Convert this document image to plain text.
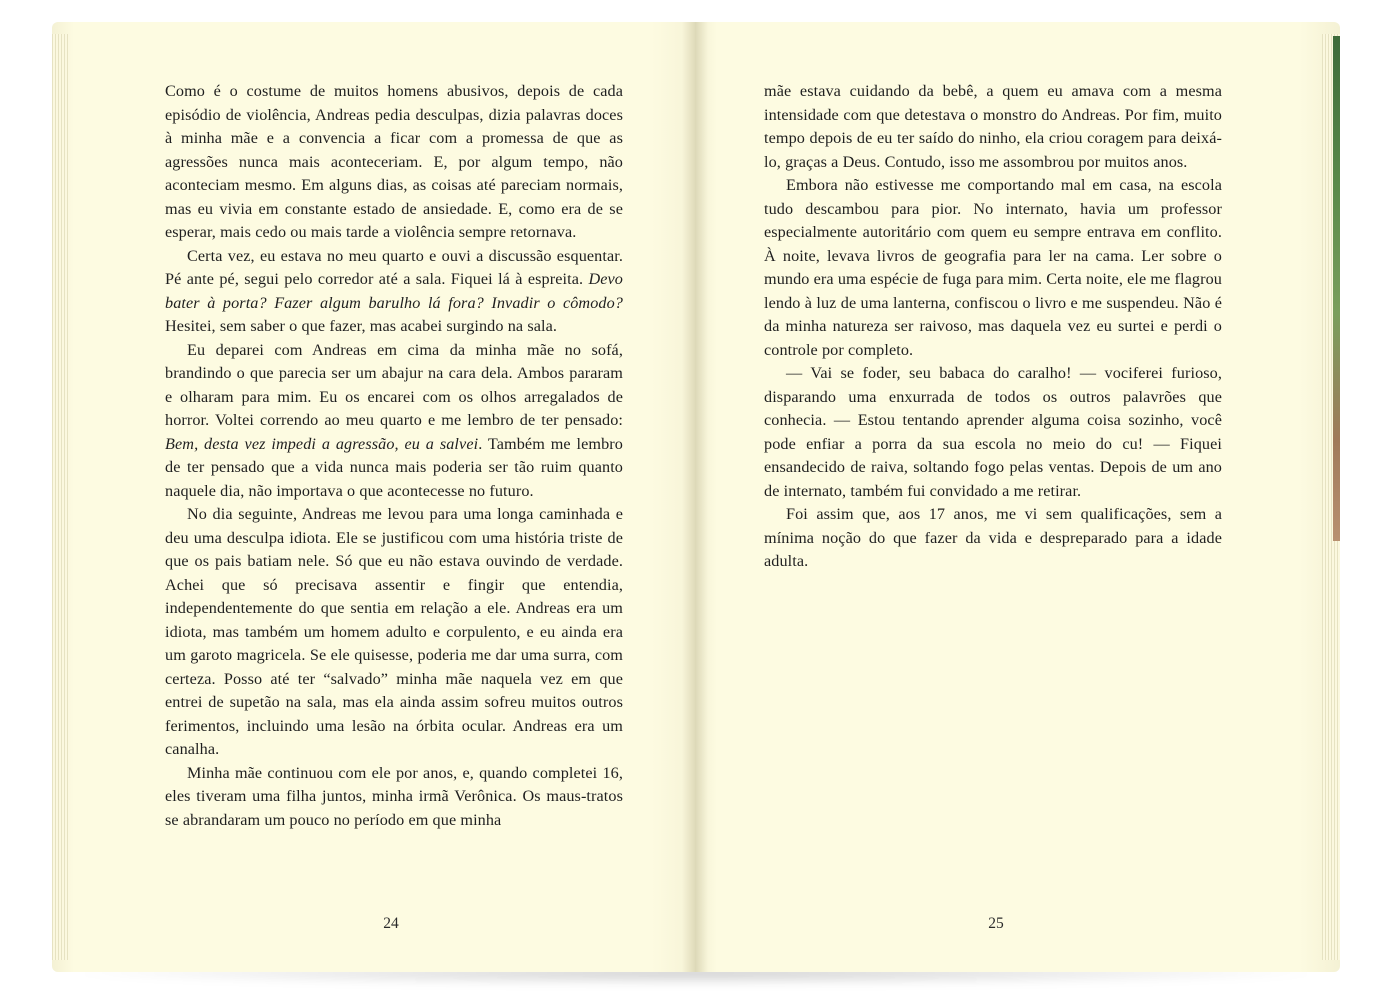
Como é o costume de muitos homens abusivos, depois de cada episódio de violência, Andreas pedia desculpas, dizia palavras doces à minha mãe e a convencia a ficar com a promessa de que as agressões nunca mais aconteceriam. E, por algum tempo, não aconteciam mesmo. Em alguns dias, as coisas até pareciam normais, mas eu vivia em constante estado de ansiedade. E, como era de se esperar, mais cedo ou mais tarde a violência sempre retornava.

Certa vez, eu estava no meu quarto e ouvi a discussão esquentar. Pé ante pé, segui pelo corredor até a sala. Fiquei lá à espreita. Devo bater à porta? Fazer algum barulho lá fora? Invadir o cômodo? Hesitei, sem saber o que fazer, mas acabei surgindo na sala.

Eu deparei com Andreas em cima da minha mãe no sofá, brandindo o que parecia ser um abajur na cara dela. Ambos pararam e olharam para mim. Eu os encarei com os olhos arregalados de horror. Voltei correndo ao meu quarto e me lembro de ter pensado: Bem, desta vez impedi a agressão, eu a salvei. Também me lembro de ter pensado que a vida nunca mais poderia ser tão ruim quanto naquele dia, não importava o que acontecesse no futuro.

No dia seguinte, Andreas me levou para uma longa caminhada e deu uma desculpa idiota. Ele se justificou com uma história triste de que os pais batiam nele. Só que eu não estava ouvindo de verdade. Achei que só precisava assentir e fingir que entendia, independentemente do que sentia em relação a ele. Andreas era um idiota, mas também um homem adulto e corpulento, e eu ainda era um garoto magricela. Se ele quisesse, poderia me dar uma surra, com certeza. Posso até ter “salvado” minha mãe naquela vez em que entrei de supetão na sala, mas ela ainda assim sofreu muitos outros ferimentos, incluindo uma lesão na órbita ocular. Andreas era um canalha.

Minha mãe continuou com ele por anos, e, quando completei 16, eles tiveram uma filha juntos, minha irmã Verônica. Os maus-tratos se abrandaram um pouco no período em que minha

24

mãe estava cuidando da bebê, a quem eu amava com a mesma intensidade com que detestava o monstro do Andreas. Por fim, muito tempo depois de eu ter saído do ninho, ela criou coragem para deixá-lo, graças a Deus. Contudo, isso me assombrou por muitos anos.

Embora não estivesse me comportando mal em casa, na escola tudo descambou para pior. No internato, havia um professor especialmente autoritário com quem eu sempre entrava em conflito. À noite, levava livros de geografia para ler na cama. Ler sobre o mundo era uma espécie de fuga para mim. Certa noite, ele me flagrou lendo à luz de uma lanterna, confiscou o livro e me suspendeu. Não é da minha natureza ser raivoso, mas daquela vez eu surtei e perdi o controle por completo.

— Vai se foder, seu babaca do caralho! — vociferei furioso, disparando uma enxurrada de todos os outros palavrões que conhecia. — Estou tentando aprender alguma coisa sozinho, você pode enfiar a porra da sua escola no meio do cu! — Fiquei ensandecido de raiva, soltando fogo pelas ventas. Depois de um ano de internato, também fui convidado a me retirar.

Foi assim que, aos 17 anos, me vi sem qualificações, sem a mínima noção do que fazer da vida e despreparado para a idade adulta.

25
